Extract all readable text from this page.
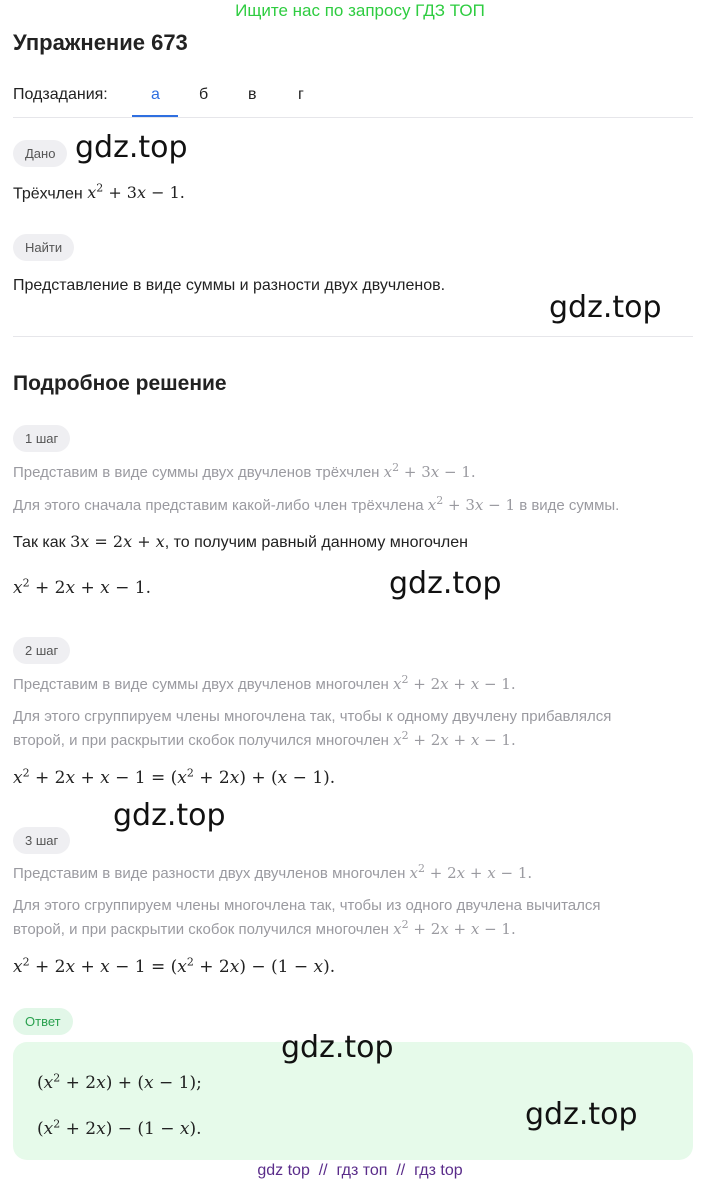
Ищите нас по запросу ГДЗ ТОП
Упражнение 673
Подзадания:	а б в	г
Дано gdz.top
Трёхчлен $x^2 + 3x - 1$.
Найти
Представление в виде суммы и разности двух двучленов.
gdz.top
Подробное решение
1 шаг
Представим в виде суммы двух двучленов трёхчлен $x^2 + 3x - 1$.
Для этого сначала представим какой-либо член трёхчлена $x^2 + 3x - 1$ в виде суммы.
Так как 3x = 2x + x, то получим равный данному многочлен
$x^2 + 2x + x - 1$.	gdz.top
2 шаг
Представим в виде суммы двух двучленов многочлен $x^2 + 2x + x - 1$.
Для этого сгруппируем члены многочлена так, чтобы к одному двучлену прибавлялся
второй, и при раскрытии скобок получился многочлен $x^2 + 2x + x - 1$.
$x^2 + 2x + x - 1 = (x^2 + 2x) + (x - 1)$.
gdz.top
3 шаг
Представим в виде разности двух двучленов многочлен $x^2 + 2x + x - 1$.
Для этого сгруппируем члены многочлена так, чтобы из одного двучлена вычитался
второй, и при раскрытии скобок получился многочлен $x^2 + 2x + x - 1$.
$x^2 + 2x + x - 1 = (x^2 + 2x) - (1 - x)$.
Ответ
gdz.top
$(x^2 + 2x) + (x - 1)$;
$(x^2 + 2x) - (1 - x)$.	gdz.top
gdz top // гдз топ // гдз top
